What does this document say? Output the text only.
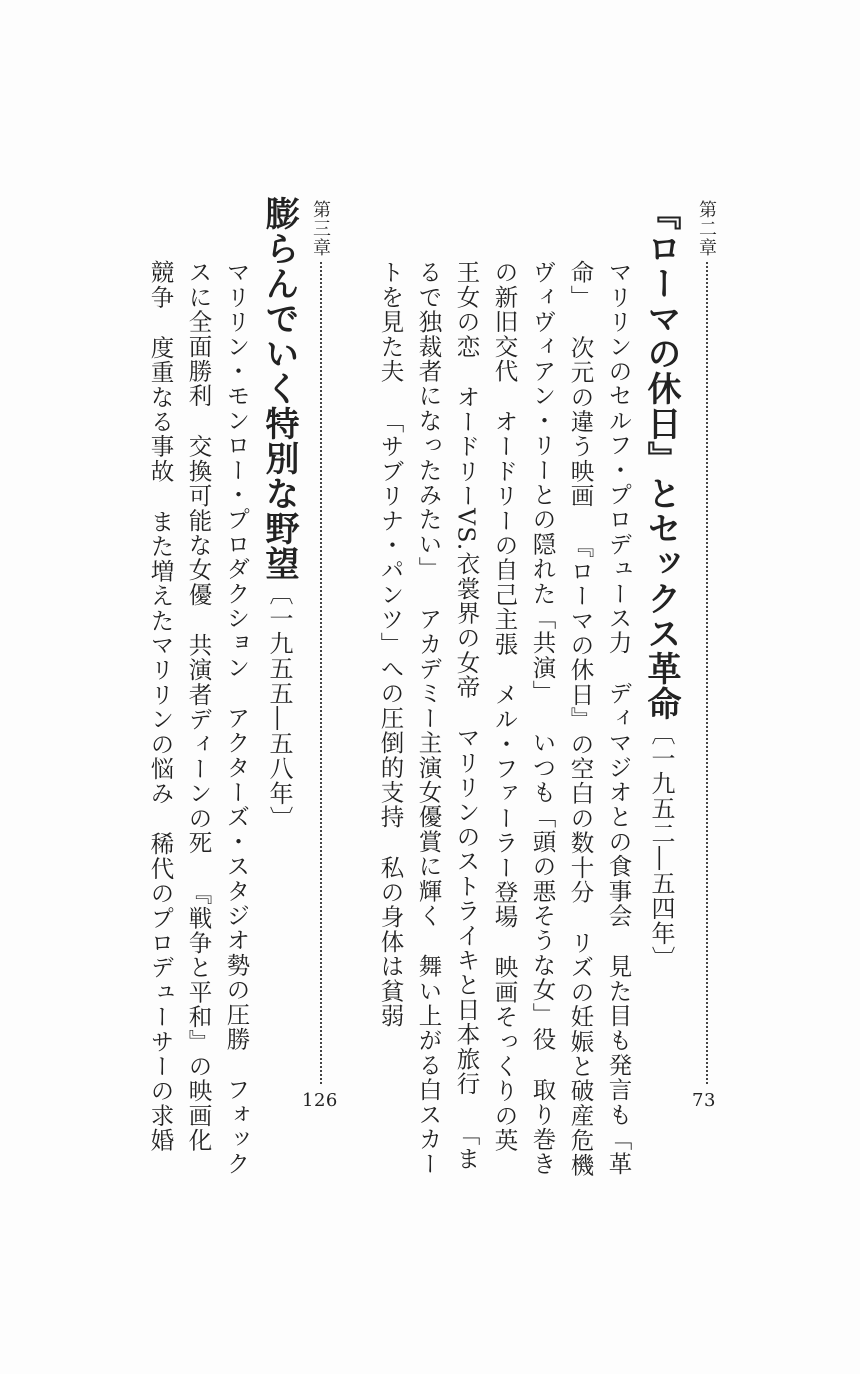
第二章
73
『ローマの休日』とセックス革命〔一九五二―五四年〕
マリリンのセルフ・プロデュース力ディマジオとの食事会見た目も発言も「革
命」次元の違う映画『ローマの休日』の空白の数十分リズの妊娠と破産危機
ヴィヴィアン・リーとの隠れた「共演」いつも「頭の悪そうな女」役取り巻き
の新旧交代オードリーの自己主張メル・ファーラー登場映画そっくりの英
王女の恋オードリーVS.衣裳界の女帝マリリンのストライキと日本旅行「ま
るで独裁者になったみたい」アカデミー主演女優賞に輝く舞い上がる白スカー
トを見た夫「サブリナ・パンツ」への圧倒的支持私の身体は貧弱
第三章
126
膨らんでいく特別な野望〔一九五五―五八年〕
マリリン・モンロー・プロダクションアクターズ・スタジオ勢の圧勝フォック
スに全面勝利交換可能な女優共演者ディーンの死『戦争と平和』の映画化
競争度重なる事故また増えたマリリンの悩み稀代のプロデューサーの求婚
